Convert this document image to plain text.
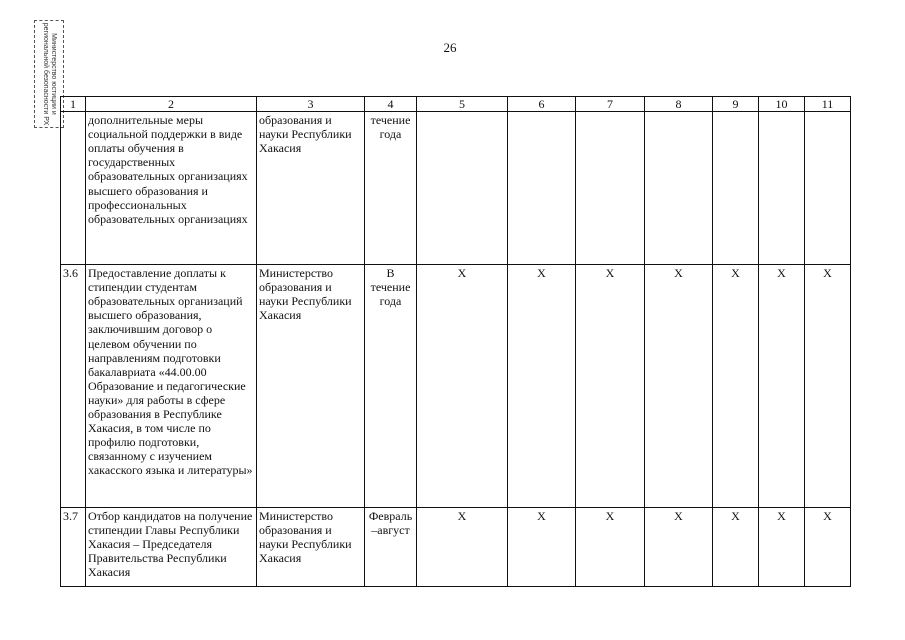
Министерство юстиции и региональной безопасности РХ	26
1	2	3	4	5	6	7	8	9	10	11
	дополнительные меры социальной поддержки в виде оплаты обучения в государственных образовательных организациях высшего образования и профессиональных образовательных организациях	образования и науки Республики Хакасия	течение года							
3.6	Предоставление доплаты к стипендии студентам образовательных организаций высшего образования, заключившим договор о целевом обучении по направлениям подготовки бакалавриата «44.00.00 Образование и педагогические науки» для работы в сфере образования в Республике Хакасия, в том числе по профилю подготовки, связанному с изучением хакасского языка и литературы»	Министерство образования и науки Республики Хакасия	В течение года	Х	Х	Х	Х	Х	Х	Х
3.7	Отбор кандидатов на получение стипендии Главы Республики Хакасия – Председателя Правительства Республики Хакасия	Министерство образования и науки Республики Хакасия	Февраль –август	Х	Х	Х	Х	Х	Х	Х
